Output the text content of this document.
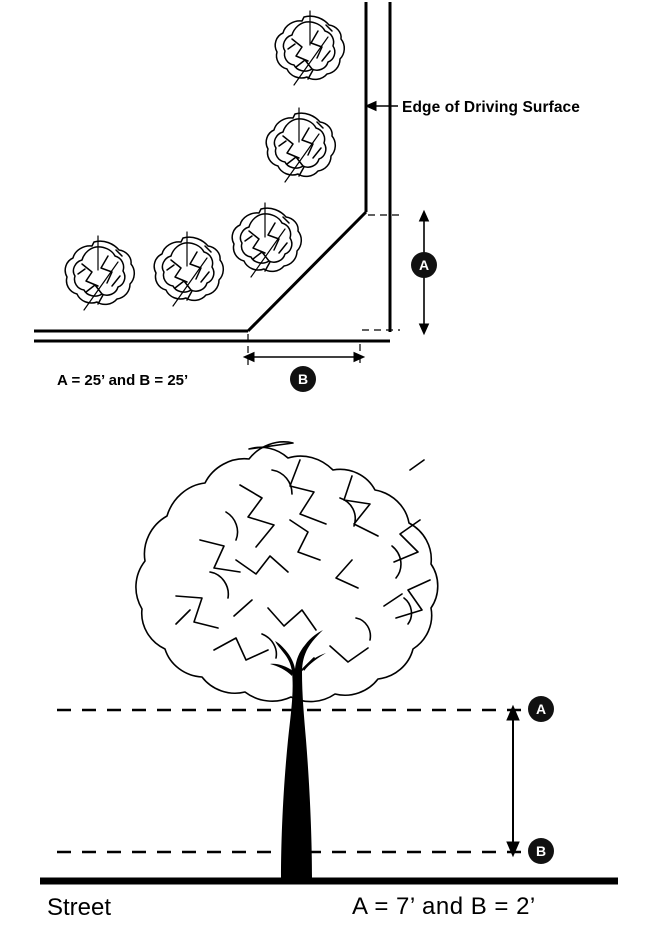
Edge of Driving Surface
A
B
A = 25’ and B = 25’
A
B
Street	A = 7’ and B = 2’
